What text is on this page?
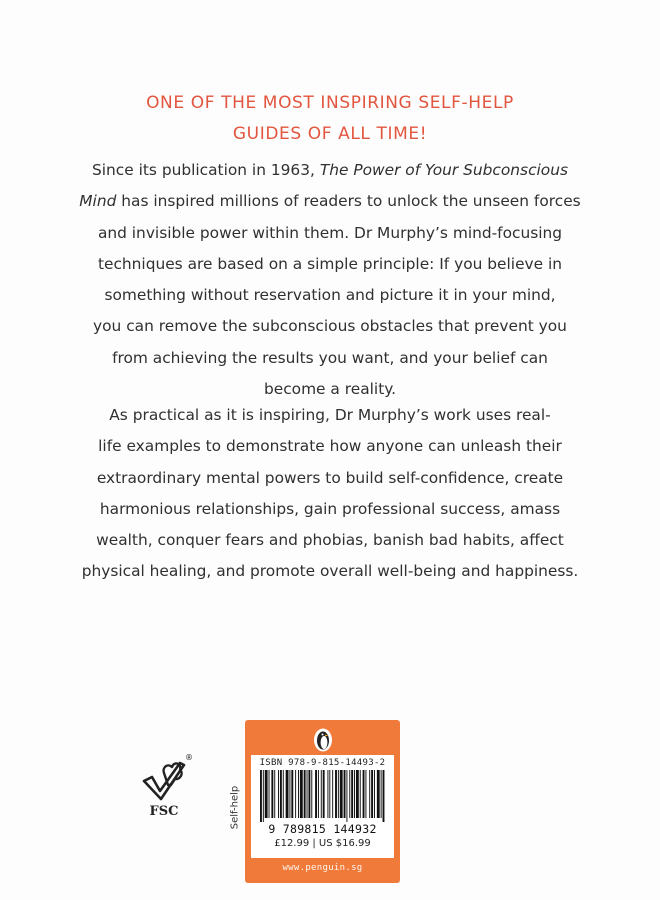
ONE OF THE MOST INSPIRING SELF-HELP
GUIDES OF ALL TIME!
Since its publication in 1963, The Power of Your Subconscious
Mind has inspired millions of readers to unlock the unseen forces
and invisible power within them. Dr Murphy’s mind-focusing
techniques are based on a simple principle: If you believe in
something without reservation and picture it in your mind,
you can remove the subconscious obstacles that prevent you
from achieving the results you want, and your belief can
become a reality.
As practical as it is inspiring, Dr Murphy’s work uses real-
life examples to demonstrate how anyone can unleash their
extraordinary mental powers to build self-confidence, create
harmonious relationships, gain professional success, amass
wealth, conquer fears and phobias, banish bad habits, affect
physical healing, and promote overall well-being and happiness.
®
FSC	Self-help
ISBN 978-9-815-14493-2
9 789815 144932
£12.99 | US $16.99
www.penguin.sg
